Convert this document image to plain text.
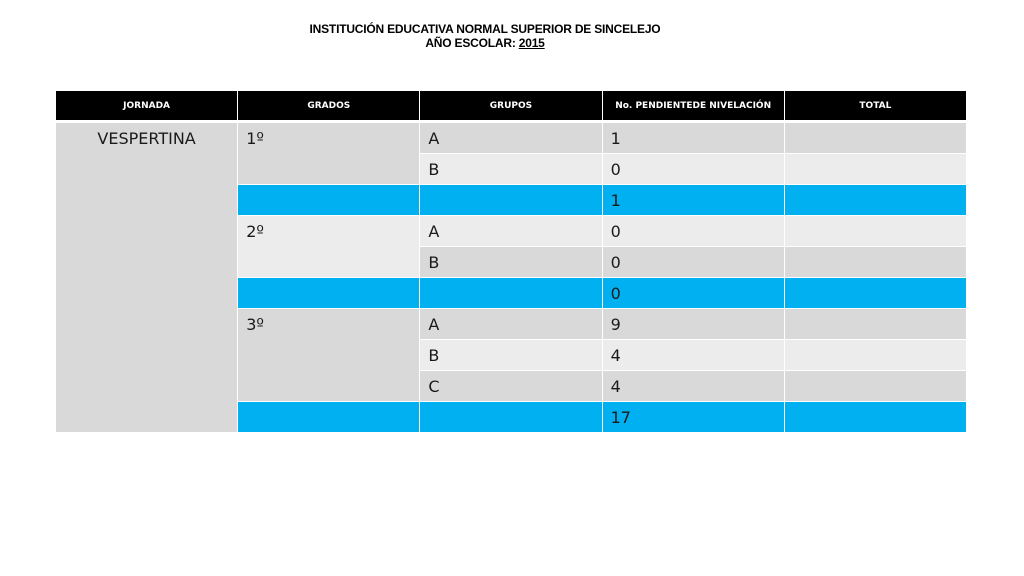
INSTITUCIÓN EDUCATIVA NORMAL SUPERIOR DE SINCELEJO
AÑO ESCOLAR: 2015
JORNADA	GRADOS	GRUPOS	No. PENDIENTEDE NIVELACIÓN	TOTAL
VESPERTINA	1º	A	1	
		B	0	
			1	
	2º	A	0	
		B	0	
			0	
	3º	A	9	
		B	4	
		C	4	
			17	
